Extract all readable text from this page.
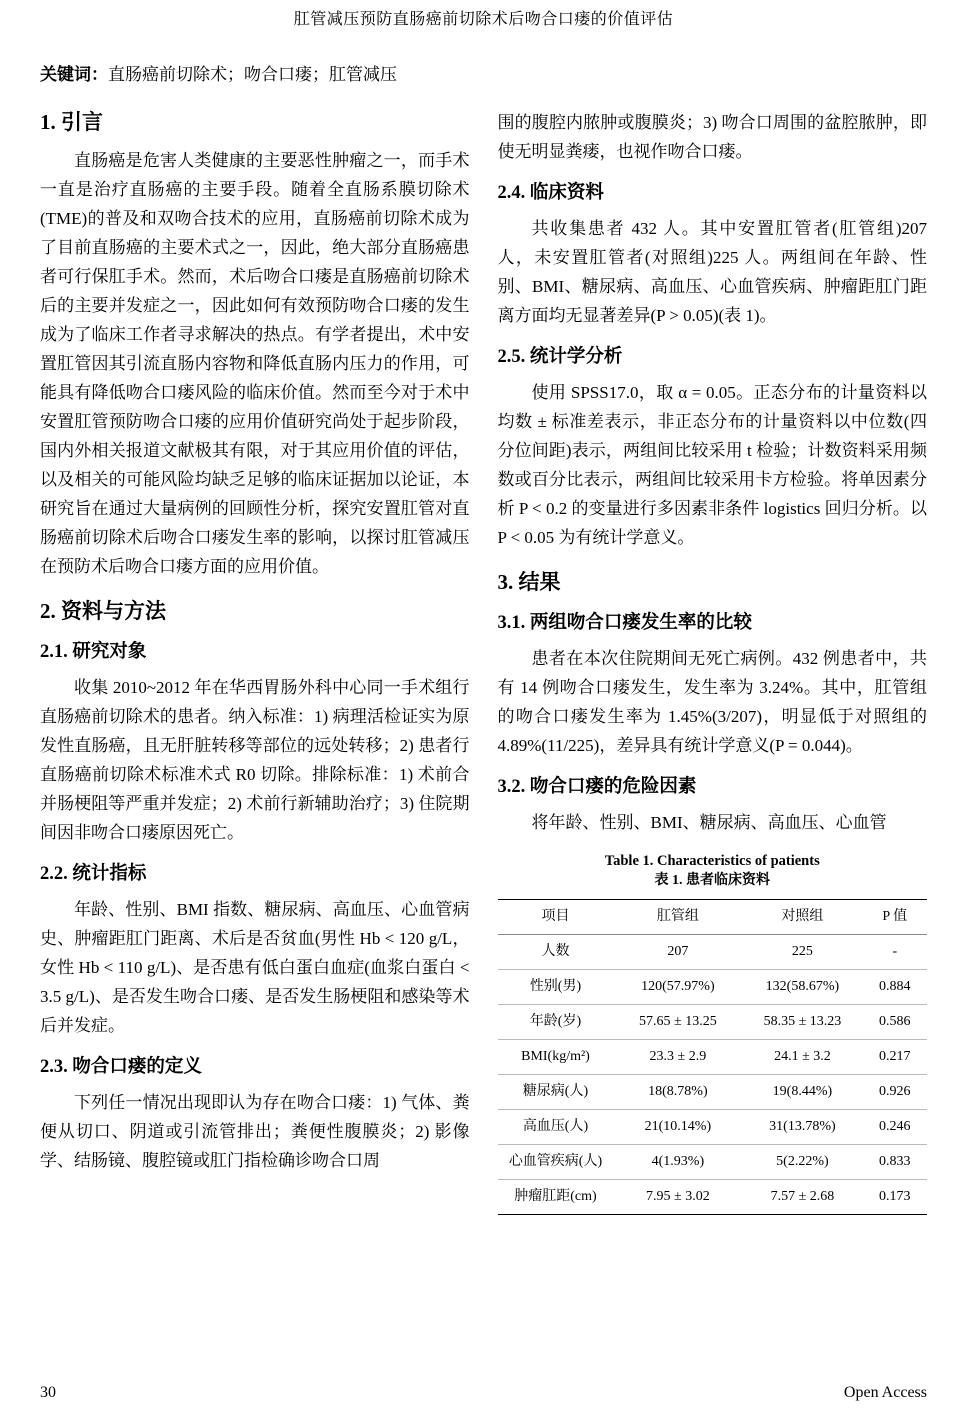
肛管减压预防直肠癌前切除术后吻合口瘘的价值评估
关键词：直肠癌前切除术；吻合口瘘；肛管减压
1. 引言

直肠癌是危害人类健康的主要恶性肿瘤之一，而手术一直是治疗直肠癌的主要手段。随着全直肠系膜切除术(TME)的普及和双吻合技术的应用，直肠癌前切除术成为了目前直肠癌的主要术式之一，因此，绝大部分直肠癌患者可行保肛手术。然而，术后吻合口瘘是直肠癌前切除术后的主要并发症之一，因此如何有效预防吻合口瘘的发生成为了临床工作者寻求解决的热点。有学者提出，术中安置肛管因其引流直肠内容物和降低直肠内压力的作用，可能具有降低吻合口瘘风险的临床价值。然而至今对于术中安置肛管预防吻合口瘘的应用价值研究尚处于起步阶段，国内外相关报道文献极其有限，对于其应用价值的评估，以及相关的可能风险均缺乏足够的临床证据加以论证，本研究旨在通过大量病例的回顾性分析，探究安置肛管对直肠癌前切除术后吻合口瘘发生率的影响，以探讨肛管减压在预防术后吻合口瘘方面的应用价值。

2. 资料与方法
2.1. 研究对象

收集 2010~2012 年在华西胃肠外科中心同一手术组行直肠癌前切除术的患者。纳入标准：1) 病理活检证实为原发性直肠癌，且无肝脏转移等部位的远处转移；2) 患者行直肠癌前切除术标准术式 R0 切除。排除标准：1) 术前合并肠梗阻等严重并发症；2) 术前行新辅助治疗；3) 住院期间因非吻合口瘘原因死亡。

2.2. 统计指标

年龄、性别、BMI 指数、糖尿病、高血压、心血管病史、肿瘤距肛门距离、术后是否贫血(男性 Hb < 120 g/L，女性 Hb < 110 g/L)、是否患有低白蛋白血症(血浆白蛋白 < 3.5 g/L)、是否发生吻合口瘘、是否发生肠梗阻和感染等术后并发症。

2.3. 吻合口瘘的定义

下列任一情况出现即认为存在吻合口瘘：1) 气体、粪便从切口、阴道或引流管排出；粪便性腹膜炎；2) 影像学、结肠镜、腹腔镜或肛门指检确诊吻合口周

围的腹腔内脓肿或腹膜炎；3) 吻合口周围的盆腔脓肿，即使无明显粪瘘，也视作吻合口瘘。

2.4. 临床资料

共收集患者 432 人。其中安置肛管者(肛管组)207 人，未安置肛管者(对照组)225 人。两组间在年龄、性别、BMI、糖尿病、高血压、心血管疾病、肿瘤距肛门距离方面均无显著差异(P > 0.05)(表 1)。

2.5. 统计学分析

使用 SPSS17.0，取 α = 0.05。正态分布的计量资料以均数 ± 标准差表示，非正态分布的计量资料以中位数(四分位间距)表示，两组间比较采用 t 检验；计数资料采用频数或百分比表示，两组间比较采用卡方检验。将单因素分析 P < 0.2 的变量进行多因素非条件 logistics 回归分析。以 P < 0.05 为有统计学意义。

3. 结果
3.1. 两组吻合口瘘发生率的比较

患者在本次住院期间无死亡病例。432 例患者中，共有 14 例吻合口瘘发生，发生率为 3.24%。其中，肛管组的吻合口瘘发生率为 1.45%(3/207)，明显低于对照组的 4.89%(11/225)，差异具有统计学意义(P = 0.044)。

3.2. 吻合口瘘的危险因素

将年龄、性别、BMI、糖尿病、高血压、心血管

Table 1. Characteristics of patients
表 1. 患者临床资料
项目	肛管组	对照组	P 值
人数	207	225	-
性别(男)	120(57.97%)	132(58.67%)	0.884
年龄(岁)	57.65 ± 13.25	58.35 ± 13.23	0.586
BMI(kg/m²)	23.3 ± 2.9	24.1 ± 3.2	0.217
糖尿病(人)	18(8.78%)	19(8.44%)	0.926
高血压(人)	21(10.14%)	31(13.78%)	0.246
心血管疾病(人)	4(1.93%)	5(2.22%)	0.833
肿瘤肛距(cm)	7.95 ± 3.02	7.57 ± 2.68	0.173
30	Open Access
